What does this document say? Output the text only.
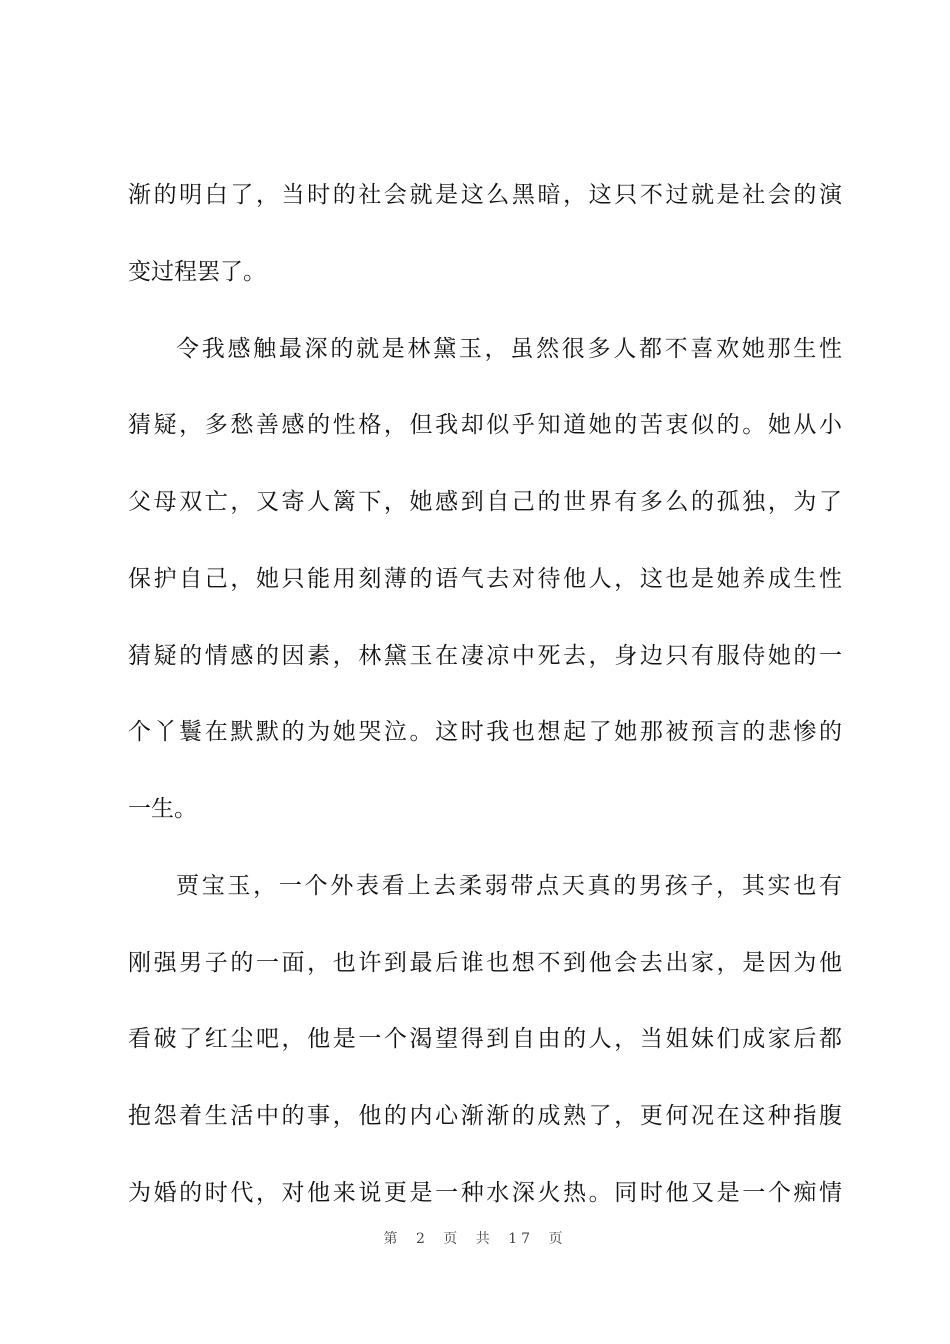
渐的明白了，当时的社会就是这么黑暗，这只不过就是社会的演
变过程罢了。
令我感触最深的就是林黛玉，虽然很多人都不喜欢她那生性
猜疑，多愁善感的性格，但我却似乎知道她的苦衷似的。她从小
父母双亡，又寄人篱下，她感到自己的世界有多么的孤独，为了
保护自己，她只能用刻薄的语气去对待他人，这也是她养成生性
猜疑的情感的因素，林黛玉在凄凉中死去，身边只有服侍她的一
个丫鬟在默默的为她哭泣。这时我也想起了她那被预言的悲惨的
一生。
贾宝玉，一个外表看上去柔弱带点天真的男孩子，其实也有
刚强男子的一面，也许到最后谁也想不到他会去出家，是因为他
看破了红尘吧，他是一个渴望得到自由的人，当姐妹们成家后都
抱怨着生活中的事，他的内心渐渐的成熟了，更何况在这种指腹
为婚的时代，对他来说更是一种水深火热。同时他又是一个痴情
第 2 页 共 17 页
